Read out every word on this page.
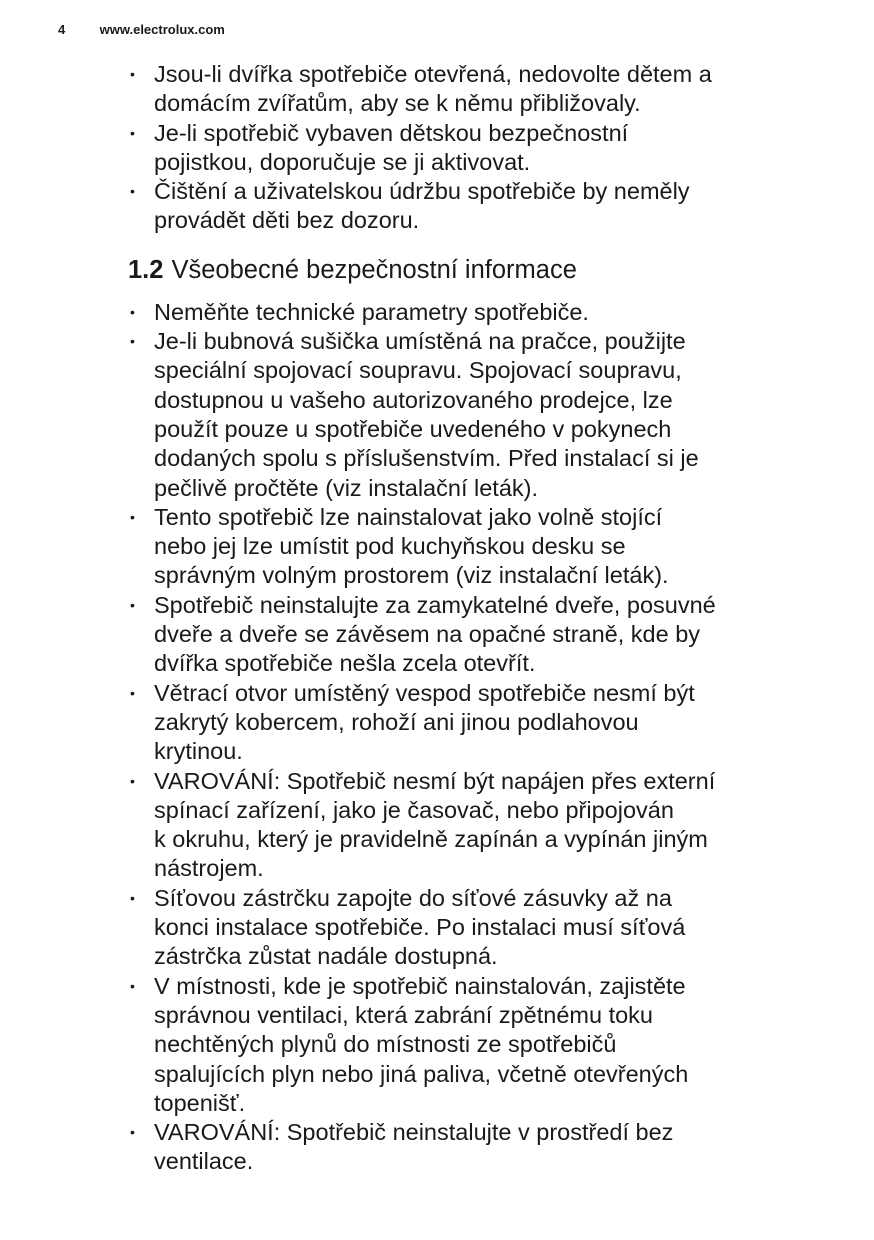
4	www.electrolux.com
• Jsou-li dvířka spotřebiče otevřená, nedovolte dětem a
domácím zvířatům, aby se k němu přibližovaly.
• Je-li spotřebič vybaven dětskou bezpečnostní
pojistkou, doporučuje se ji aktivovat.
• Čištění a uživatelskou údržbu spotřebiče by neměly
provádět děti bez dozoru.
1.2 Všeobecné bezpečnostní informace
• Neměňte technické parametry spotřebiče.
• Je-li bubnová sušička umístěná na pračce, použijte
speciální spojovací soupravu. Spojovací soupravu,
dostupnou u vašeho autorizovaného prodejce, lze
použít pouze u spotřebiče uvedeného v pokynech
dodaných spolu s příslušenstvím. Před instalací si je
pečlivě pročtěte (viz instalační leták).
• Tento spotřebič lze nainstalovat jako volně stojící
nebo jej lze umístit pod kuchyňskou desku se
správným volným prostorem (viz instalační leták).
• Spotřebič neinstalujte za zamykatelné dveře, posuvné
dveře a dveře se závěsem na opačné straně, kde by
dvířka spotřebiče nešla zcela otevřít.
• Větrací otvor umístěný vespod spotřebiče nesmí být
zakrytý kobercem, rohoží ani jinou podlahovou
krytinou.
• VAROVÁNÍ: Spotřebič nesmí být napájen přes externí
spínací zařízení, jako je časovač, nebo připojován
k okruhu, který je pravidelně zapínán a vypínán jiným
nástrojem.
• Síťovou zástrčku zapojte do síťové zásuvky až na
konci instalace spotřebiče. Po instalaci musí síťová
zástrčka zůstat nadále dostupná.
• V místnosti, kde je spotřebič nainstalován, zajistěte
správnou ventilaci, která zabrání zpětnému toku
nechtěných plynů do místnosti ze spotřebičů
spalujících plyn nebo jiná paliva, včetně otevřených
topenišť.
• VAROVÁNÍ: Spotřebič neinstalujte v prostředí bez
ventilace.
